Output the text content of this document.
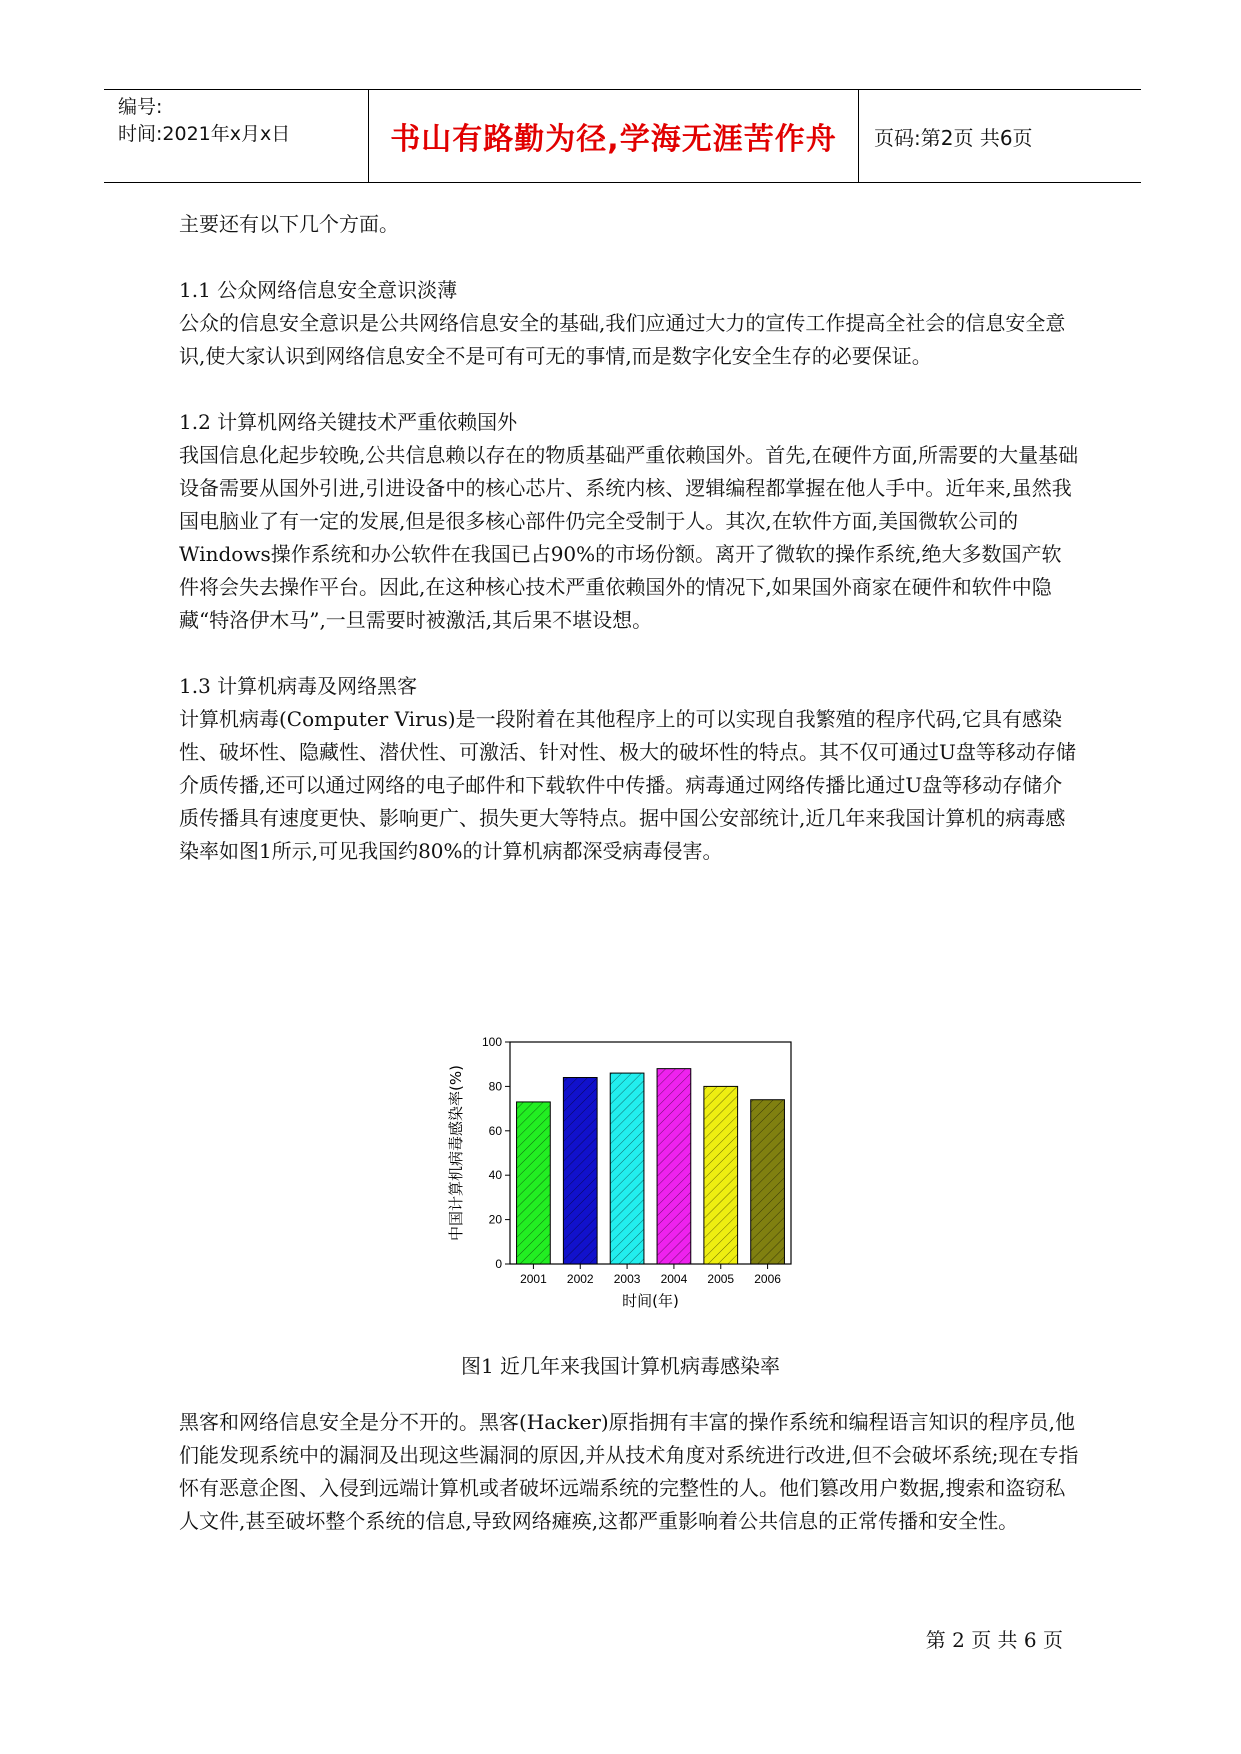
编号:
时间:2021年x月x日	书山有路勤为径,学海无涯苦作舟 页码:第2页 共6页

主要还有以下几个方面。

1.1 公众网络信息安全意识淡薄

公众的信息安全意识是公共网络信息安全的基础,我们应通过大力的宣传工作提高全社会的信息安全意识,使大家认识到网络信息安全不是可有可无的事情,而是数字化安全生存的必要保证。

1.2 计算机网络关键技术严重依赖国外

我国信息化起步较晚,公共信息赖以存在的物质基础严重依赖国外。首先,在硬件方面,所需要的大量基础设备需要从国外引进,引进设备中的核心芯片、系统内核、逻辑编程都掌握在他人手中。近年来,虽然我国电脑业了有一定的发展,但是很多核心部件仍完全受制于人。其次,在软件方面,美国微软公司的Windows操作系统和办公软件在我国已占90%的市场份额。离开了微软的操作系统,绝大多数国产软件将会失去操作平台。因此,在这种核心技术严重依赖国外的情况下,如果国外商家在硬件和软件中隐藏“特洛伊木马”,一旦需要时被激活,其后果不堪设想。

1.3 计算机病毒及网络黑客

计算机病毒(Computer Virus)是一段附着在其他程序上的可以实现自我繁殖的程序代码,它具有感染性、破坏性、隐藏性、潜伏性、可激活、针对性、极大的破坏性的特点。其不仅可通过U盘等移动存储介质传播,还可以通过网络的电子邮件和下载软件中传播。病毒通过网络传播比通过U盘等移动存储介质传播具有速度更快、影响更广、损失更大等特点。据中国公安部统计,近几年来我国计算机的病毒感染率如图1所示,可见我国约80%的计算机病都深受病毒侵害。

0
20
40
60
80
100
2001 2002 2003 2004 2005 2006
时间(年)
中国计算机病毒感染率(%)
图1 近几年来我国计算机病毒感染率

黑客和网络信息安全是分不开的。黑客(Hacker)原指拥有丰富的操作系统和编程语言知识的程序员,他们能发现系统中的漏洞及出现这些漏洞的原因,并从技术角度对系统进行改进,但不会破坏系统;现在专指怀有恶意企图、入侵到远端计算机或者破坏远端系统的完整性的人。他们篡改用户数据,搜索和盗窃私人文件,甚至破坏整个系统的信息,导致网络瘫痪,这都严重影响着公共信息的正常传播和安全性。

第 2 页 共 6 页
